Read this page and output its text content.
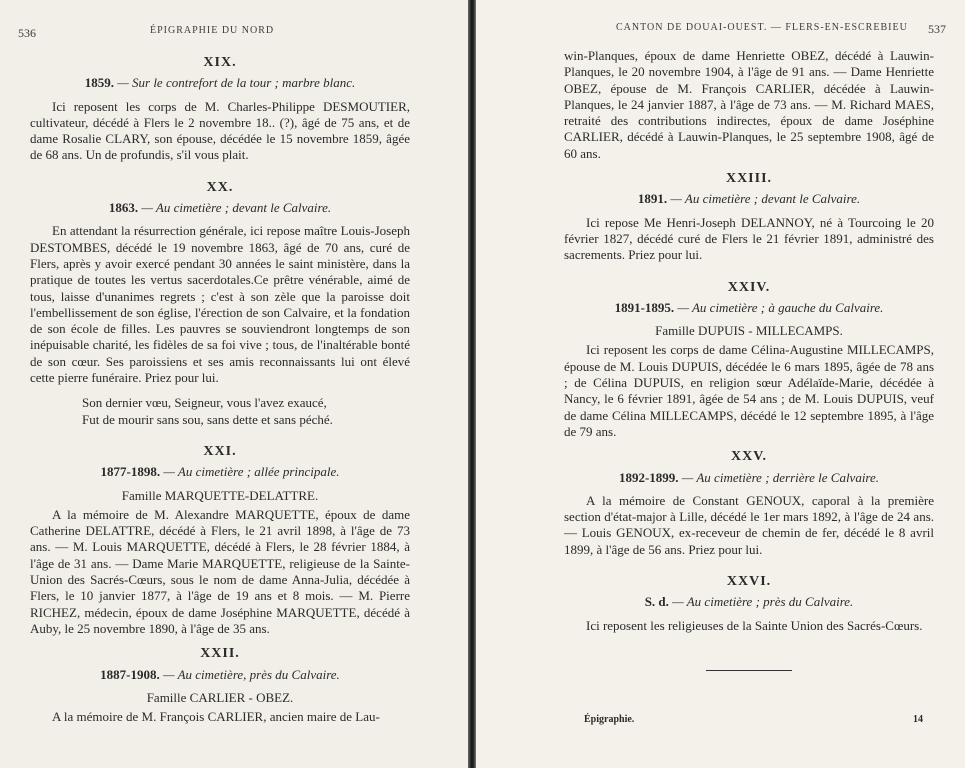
536	ÉPIGRAPHIE DU NORD
XIX.
1859. — Sur le contrefort de la tour ; marbre blanc.

Ici reposent les corps de M. Charles-Philippe DESMOUTIER, cultivateur, décédé à Flers le 2 novembre 18.. (?), âgé de 75 ans, et de dame Rosalie CLARY, son épouse, décédée le 15 novembre 1859, âgée de 68 ans. Un de profundis, s'il vous plait.

XX.
1863. — Au cimetière ; devant le Calvaire.

En attendant la résurrection générale, ici repose maître Louis-Joseph DESTOMBES, décédé le 19 novembre 1863, âgé de 70 ans, curé de Flers, après y avoir exercé pendant 30 années le saint ministère, dans la pratique de toutes les vertus sacerdotales.Ce prêtre vénérable, aimé de tous, laisse d'unanimes regrets ; c'est à son zèle que la paroisse doit l'embellissement de son église, l'érection de son Calvaire, et la fondation de son école de filles. Les pauvres se souviendront longtemps de son inépuisable charité, les fidèles de sa foi vive ; tous, de l'inaltérable bonté de son cœur. Ses paroissiens et ses amis reconnaissants lui ont élevé cette pierre funéraire. Priez pour lui.

Son dernier vœu, Seigneur, vous l'avez exaucé,
Fut de mourir sans sou, sans dette et sans péché.
XXI.
1877-1898. — Au cimetière ; allée principale.
Famille MARQUETTE-DELATTRE.

A la mémoire de M. Alexandre MARQUETTE, époux de dame Catherine DELATTRE, décédé à Flers, le 21 avril 1898, à l'âge de 73 ans. — M. Louis MARQUETTE, décédé à Flers, le 28 février 1884, à l'âge de 31 ans. — Dame Marie MARQUETTE, religieuse de la Sainte-Union des Sacrés-Cœurs, sous le nom de dame Anna-Julia, décédée à Flers, le 10 janvier 1877, à l'âge de 19 ans et 8 mois. — M. Pierre RICHEZ, médecin, époux de dame Joséphine MARQUETTE, décédé à Auby, le 25 novembre 1890, à l'âge de 35 ans.

XXII.
1887-1908. — Au cimetière, près du Calvaire.
Famille CARLIER - OBEZ.

A la mémoire de M. François CARLIER, ancien maire de Lau-

CANTON DE DOUAI-OUEST. — FLERS-EN-ESCREBIEU 537

win-Planques, époux de dame Henriette OBEZ, décédé à Lauwin-Planques, le 20 novembre 1904, à l'âge de 91 ans. — Dame Henriette OBEZ, épouse de M. François CARLIER, décédée à Lauwin-Planques, le 24 janvier 1887, à l'âge de 73 ans. — M. Richard MAES, retraité des contributions indirectes, époux de dame Joséphine CARLIER, décédé à Lauwin-Planques, le 25 septembre 1908, âgé de 60 ans.

XXIII.
1891. — Au cimetière ; devant le Calvaire.

Ici repose Me Henri-Joseph DELANNOY, né à Tourcoing le 20 février 1827, décédé curé de Flers le 21 février 1891, administré des sacrements. Priez pour lui.

XXIV.
1891-1895. — Au cimetière ; à gauche du Calvaire.
Famille DUPUIS - MILLECAMPS.

Ici reposent les corps de dame Célina-Augustine MILLECAMPS, épouse de M. Louis DUPUIS, décédée le 6 mars 1895, âgée de 78 ans ; de Célina DUPUIS, en religion sœur Adélaïde-Marie, décédée à Nancy, le 6 février 1891, âgée de 54 ans ; de M. Louis DUPUIS, veuf de dame Célina MILLECAMPS, décédé le 12 septembre 1895, à l'âge de 79 ans.

XXV.
1892-1899. — Au cimetière ; derrière le Calvaire.

A la mémoire de Constant GENOUX, caporal à la première section d'état-major à Lille, décédé le 1er mars 1892, à l'âge de 24 ans. — Louis GENOUX, ex-receveur de chemin de fer, décédé le 8 avril 1899, à l'âge de 56 ans. Priez pour lui.

XXVI.
S. d. — Au cimetière ; près du Calvaire.

Ici reposent les religieuses de la Sainte Union des Sacrés-Cœurs.

Épigraphie.	14
